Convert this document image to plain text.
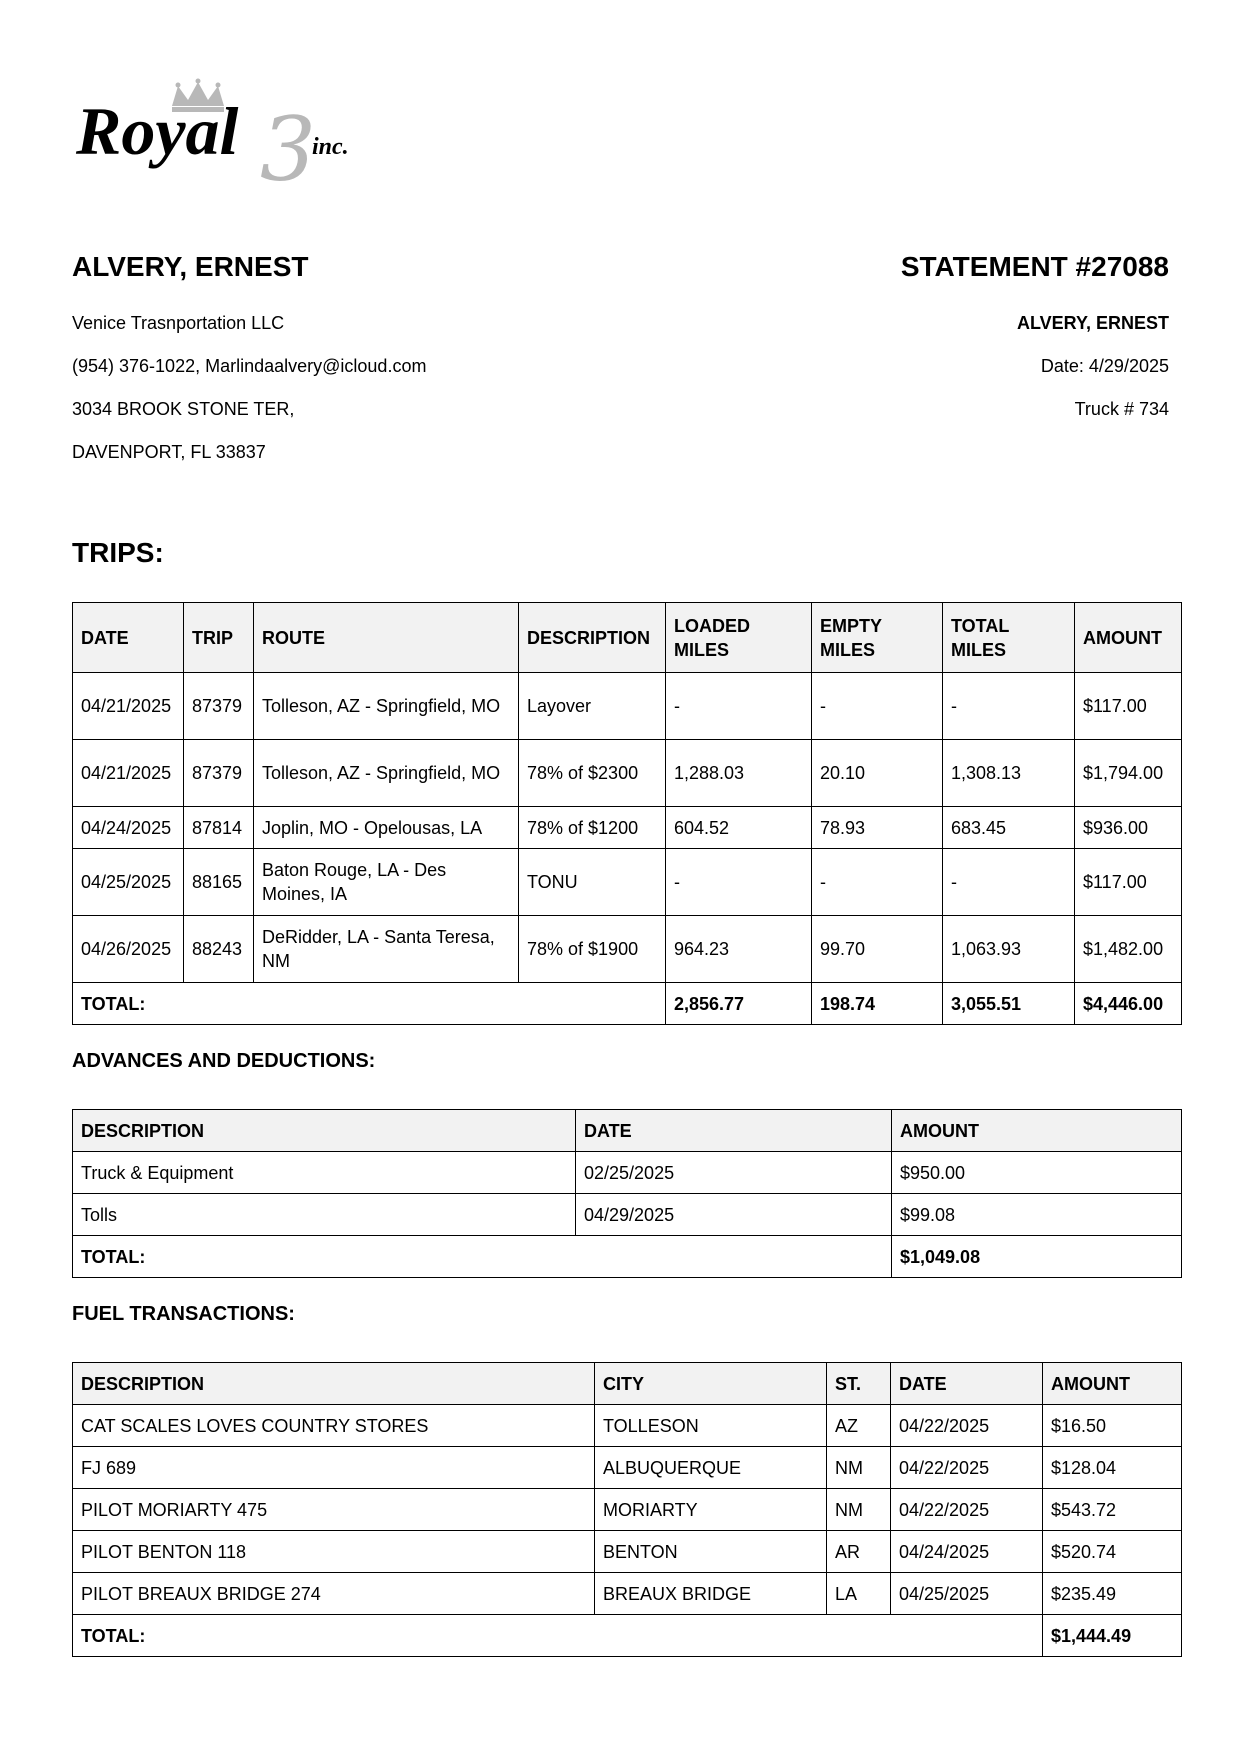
3
Royal	inc.
ALVERY, ERNEST
Venice Trasnportation LLC
(954) 376-1022, Marlindaalvery@icloud.com
3034 BROOK STONE TER,
DAVENPORT, FL 33837
STATEMENT #27088
ALVERY, ERNEST
Date: 4/29/2025
Truck # 734
TRIPS:
DATE	TRIP	ROUTE	DESCRIPTION	LOADED MILES	EMPTY MILES	TOTAL MILES	AMOUNT
04/21/2025	87379	Tolleson, AZ - Springfield, MO	Layover	-	-	-	$117.00
04/21/2025	87379	Tolleson, AZ - Springfield, MO	78% of $2300	1,288.03	20.10	1,308.13	$1,794.00
04/24/2025	87814	Joplin, MO - Opelousas, LA	78% of $1200	604.52	78.93	683.45	$936.00
04/25/2025	88165	Baton Rouge, LA - Des Moines, IA	TONU	-	-	-	$117.00
04/26/2025	88243	DeRidder, LA - Santa Teresa, NM	78% of $1900	964.23	99.70	1,063.93	$1,482.00
TOTAL:				2,856.77	198.74	3,055.51	$4,446.00
ADVANCES AND DEDUCTIONS:
DESCRIPTION	DATE	AMOUNT
Truck & Equipment	02/25/2025	$950.00
Tolls	04/29/2025	$99.08
TOTAL:		$1,049.08
FUEL TRANSACTIONS:
DESCRIPTION	CITY	ST.	DATE	AMOUNT
CAT SCALES LOVES COUNTRY STORES	TOLLESON	AZ	04/22/2025	$16.50
FJ 689	ALBUQUERQUE	NM	04/22/2025	$128.04
PILOT MORIARTY 475	MORIARTY	NM	04/22/2025	$543.72
PILOT BENTON 118	BENTON	AR	04/24/2025	$520.74
PILOT BREAUX BRIDGE 274	BREAUX BRIDGE	LA	04/25/2025	$235.49
TOTAL:				$1,444.49
